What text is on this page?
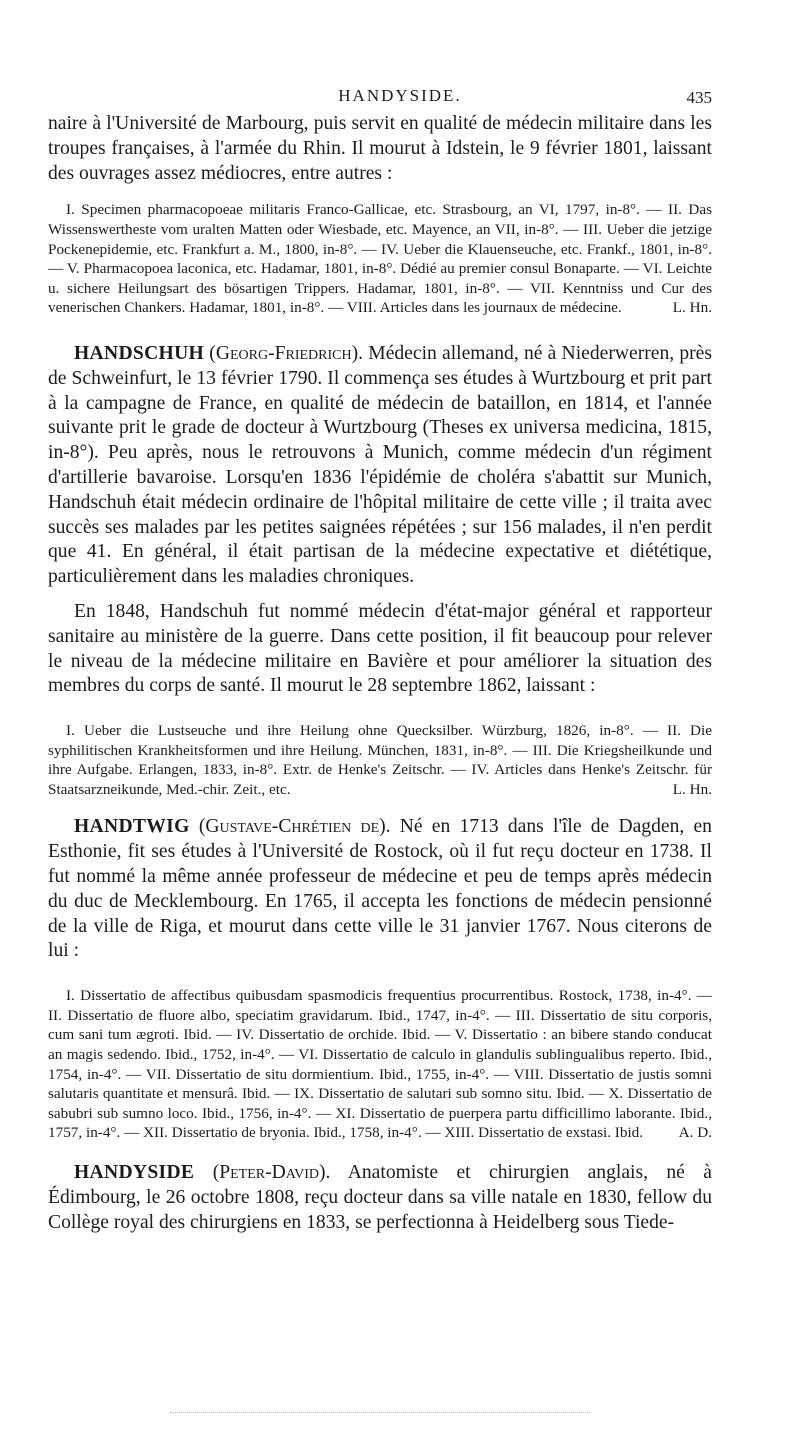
HANDYSIDE.	435

naire à l'Université de Marbourg, puis servit en qualité de médecin militaire dans les troupes françaises, à l'armée du Rhin. Il mourut à Idstein, le 9 février 1801, laissant des ouvrages assez médiocres, entre autres :

I. Specimen pharmacopoeae militaris Franco-Gallicae, etc. Strasbourg, an VI, 1797, in-8°. — II. Das Wissenswertheste vom uralten Matten oder Wiesbade, etc. Mayence, an VII, in-8°. — III. Ueber die jetzige Pockenepidemie, etc. Frankfurt a. M., 1800, in-8°. — IV. Ueber die Klauenseuche, etc. Frankf., 1801, in-8°. — V. Pharmacopoea laconica, etc. Hadamar, 1801, in-8°. Dédié au premier consul Bonaparte. — VI. Leichte u. sichere Heilungsart des bösartigen Trippers. Hadamar, 1801, in-8°. — VII. Kenntniss und Cur des venerischen Chankers. Hadamar, 1801, in-8°. — VIII. Articles dans les journaux de médecine.	L. Hn.

HANDSCHUH (Georg-Friedrich). Médecin allemand, né à Niederwerren, près de Schweinfurt, le 13 février 1790. Il commença ses études à Wurtzbourg et prit part à la campagne de France, en qualité de médecin de bataillon, en 1814, et l'année suivante prit le grade de docteur à Wurtzbourg (Theses ex universa medicina, 1815, in-8°). Peu après, nous le retrouvons à Munich, comme médecin d'un régiment d'artillerie bavaroise. Lorsqu'en 1836 l'épidémie de choléra s'abattit sur Munich, Handschuh était médecin ordinaire de l'hôpital militaire de cette ville ; il traita avec succès ses malades par les petites saignées répétées ; sur 156 malades, il n'en perdit que 41. En général, il était partisan de la médecine expectative et diététique, particulièrement dans les maladies chroniques.

En 1848, Handschuh fut nommé médecin d'état-major général et rapporteur sanitaire au ministère de la guerre. Dans cette position, il fit beaucoup pour relever le niveau de la médecine militaire en Bavière et pour améliorer la situation des membres du corps de santé. Il mourut le 28 septembre 1862, laissant :

I. Ueber die Lustseuche und ihre Heilung ohne Quecksilber. Würzburg, 1826, in-8°. — II. Die syphilitischen Krankheitsformen und ihre Heilung. München, 1831, in-8°. — III. Die Kriegsheilkunde und ihre Aufgabe. Erlangen, 1833, in-8°. Extr. de Henke's Zeitschr. — IV. Articles dans Henke's Zeitschr. für Staatsarzneikunde, Med.-chir. Zeit., etc.	L. Hn.

HANDTWIG (Gustave-Chrétien de). Né en 1713 dans l'île de Dagden, en Esthonie, fit ses études à l'Université de Rostock, où il fut reçu docteur en 1738. Il fut nommé la même année professeur de médecine et peu de temps après médecin du duc de Mecklembourg. En 1765, il accepta les fonctions de médecin pensionné de la ville de Riga, et mourut dans cette ville le 31 janvier 1767. Nous citerons de lui :

I. Dissertatio de affectibus quibusdam spasmodicis frequentius procurrentibus. Rostock, 1738, in-4°. — II. Dissertatio de fluore albo, speciatim gravidarum. Ibid., 1747, in-4°. — III. Dissertatio de situ corporis, cum sani tum ægroti. Ibid. — IV. Dissertatio de orchide. Ibid. — V. Dissertatio : an bibere stando conducat an magis sedendo. Ibid., 1752, in-4°. — VI. Dissertatio de calculo in glandulis sublingualibus reperto. Ibid., 1754, in-4°. — VII. Dissertatio de situ dormientium. Ibid., 1755, in-4°. — VIII. Dissertatio de justis somni salutaris quantitate et mensurâ. Ibid. — IX. Dissertatio de salutari sub somno situ. Ibid. — X. Dissertatio de sabubri sub sumno loco. Ibid., 1756, in-4°. — XI. Dissertatio de puerpera partu difficillimo laborante. Ibid., 1757, in-4°. — XII. Dissertatio de bryonia. Ibid., 1758, in-4°. — XIII. Dissertatio de exstasi. Ibid.	A. D.

HANDYSIDE (Peter-David). Anatomiste et chirurgien anglais, né à Édimbourg, le 26 octobre 1808, reçu docteur dans sa ville natale en 1830, fellow du Collège royal des chirurgiens en 1833, se perfectionna à Heidelberg sous Tiede-
